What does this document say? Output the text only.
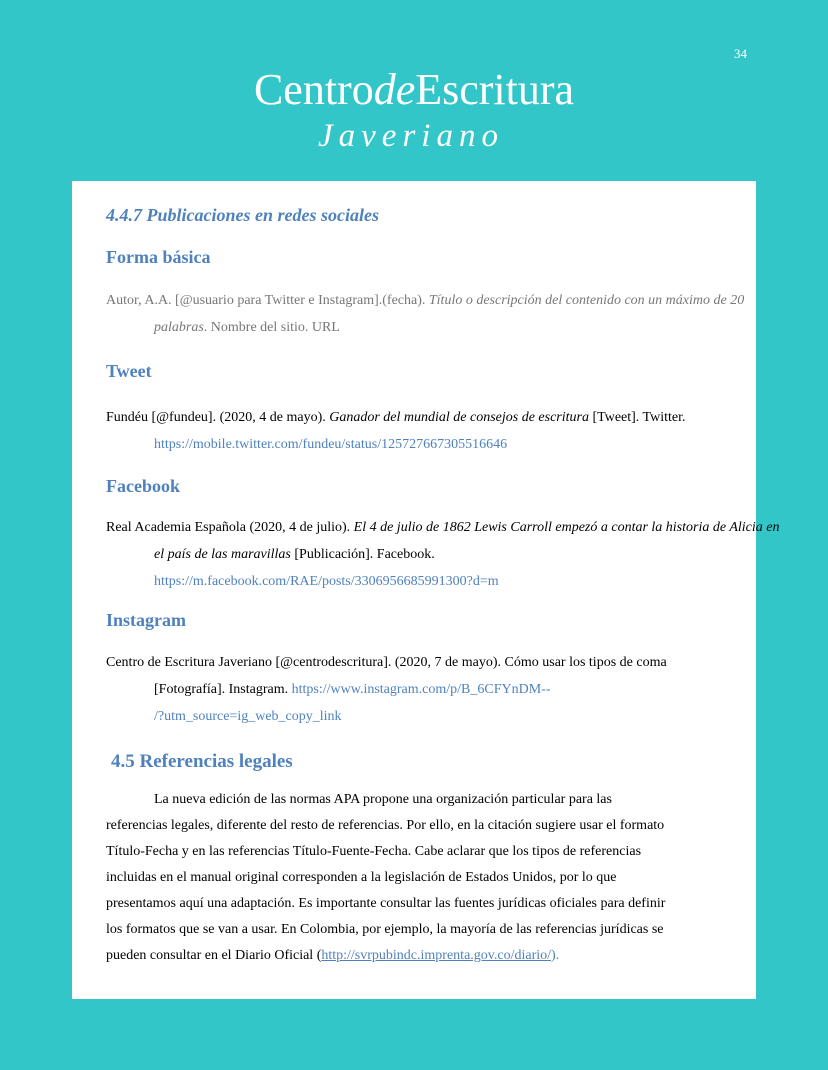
34
CentrodeEscritura
Javeriano
4.4.7 Publicaciones en redes sociales
Forma básica
Autor, A.A. [@usuario para Twitter e Instagram].(fecha). Título o descripción del contenido con un máximo de 20 palabras. Nombre del sitio. URL
Tweet
Fundéu [@fundeu]. (2020, 4 de mayo). Ganador del mundial de consejos de escritura [Tweet]. Twitter. https://mobile.twitter.com/fundeu/status/125727667305516646
Facebook
Real Academia Española (2020, 4 de julio). El 4 de julio de 1862 Lewis Carroll empezó a contar la historia de Alicia en el país de las maravillas [Publicación]. Facebook.
https://m.facebook.com/RAE/posts/3306956685991300?d=m
Instagram
Centro de Escritura Javeriano [@centrodescritura]. (2020, 7 de mayo). Cómo usar los tipos de coma
[Fotografía]. Instagram. https://www.instagram.com/p/B_6CFYnDM--
/?utm_source=ig_web_copy_link
4.5 Referencias legales
La nueva edición de las normas APA propone una organización particular para las
referencias legales, diferente del resto de referencias. Por ello, en la citación sugiere usar el formato
Título-Fecha y en las referencias Título-Fuente-Fecha. Cabe aclarar que los tipos de referencias
incluidas en el manual original corresponden a la legislación de Estados Unidos, por lo que
presentamos aquí una adaptación. Es importante consultar las fuentes jurídicas oficiales para definir
los formatos que se van a usar. En Colombia, por ejemplo, la mayoría de las referencias jurídicas se
pueden consultar en el Diario Oficial (http://svrpubindc.imprenta.gov.co/diario/).
